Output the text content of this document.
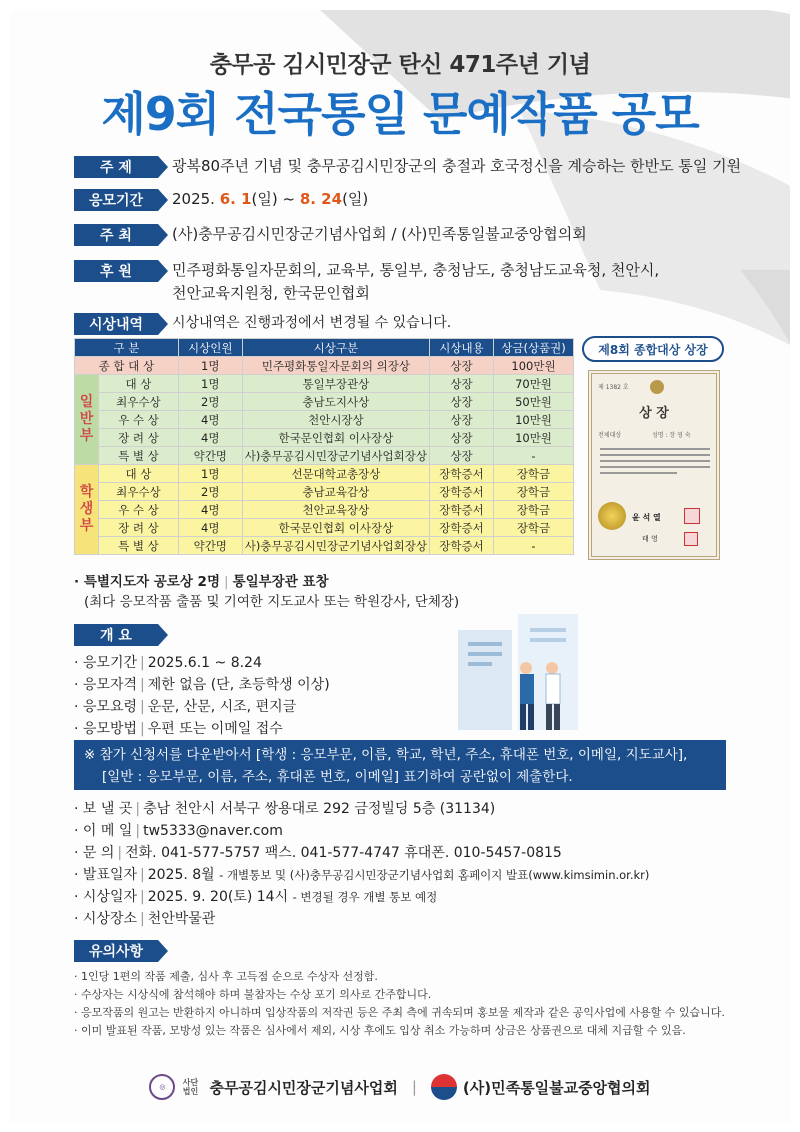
충무공 김시민장군 탄신 471주년 기념
제9회 전국통일 문예작품 공모
주 제	광복80주년 기념 및 충무공김시민장군의 충절과 호국정신을 계승하는 한반도 통일 기원
응모기간	2025. 6. 1(일) ~ 8. 24(일)
주 최	(사)충무공김시민장군기념사업회 / (사)민족통일불교중앙협의회
후 원	민주평화통일자문회의, 교육부, 통일부, 충청남도, 충청남도교육청, 천안시,
천안교육지원청, 한국문인협회
시상내역	시상내역은 진행과정에서 변경될 수 있습니다.
구 분		시상인원	시상구분	시상내용	상금(상품권)
종 합 대 상		1명	민주평화통일자문회의 의장상	상장	100만원
일반부	대 상	1명	통일부장관상	상장	70만원
	최우수상	2명	충남도지사상	상장	50만원
	우 수 상	4명	천안시장상	상장	10만원
	장 려 상	4명	한국문인협회 이사장상	상장	10만원
	특 별 상	약간명	사)충무공김시민장군기념사업회장상	상장	-
학생부	대 상	1명	선문대학교총장상	장학증서	장학금
	최우수상	2명	충남교육감상	장학증서	장학금
	우 수 상	4명	천안교육장상	장학증서	장학금
	장 려 상	4명	한국문인협회 이사장상	장학증서	장학금
	특 별 상	약간명	사)충무공김시민장군기념사업회장상	장학증서	-
제8회 종합대상 상장
제 1382 호
상 장
전체대상	성명 : 장 영 숙
윤 석 열
태 영
· 특별지도자 공로상 2명 | 통일부장관 표창
(최다 응모작품 출품 및 기여한 지도교사 또는 학원강사, 단체장)
개 요
· 응모기간 | 2025.6.1 ~ 8.24
· 응모자격 | 제한 없음 (단, 초등학생 이상)
· 응모요령 | 운문, 산문, 시조, 편지글
· 응모방법 | 우편 또는 이메일 접수
※ 참가 신청서를 다운받아서 [학생 : 응모부문, 이름, 학교, 학년, 주소, 휴대폰 번호, 이메일, 지도교사],
[일반 : 응모부문, 이름, 주소, 휴대폰 번호, 이메일] 표기하여 공란없이 제출한다.
· 보 낼 곳 | 충남 천안시 서북구 쌍용대로 292 금정빌딩 5층 (31134)
· 이 메 일 | tw5333@naver.com
· 문 의 | 전화. 041-577-5757 팩스. 041-577-4747 휴대폰. 010-5457-0815
· 발표일자 | 2025. 8월 - 개별통보 및 (사)충무공김시민장군기념사업회 홈페이지 발표(www.kimsimin.or.kr)
· 시상일자 | 2025. 9. 20(토) 14시 - 변경될 경우 개별 통보 예정
· 시상장소 | 천안박물관
유의사항
· 1인당 1편의 작품 제출, 심사 후 고득점 순으로 수상자 선정함.
· 수상자는 시상식에 참석해야 하며 불참자는 수상 포기 의사로 간주합니다.
· 응모작품의 원고는 반환하지 아니하며 입상작품의 저작권 등은 주최 측에 귀속되며 홍보물 제작과 같은 공익사업에 사용할 수 있습니다.
· 이미 발표된 작품, 모방성 있는 작품은 심사에서 제외, 시상 후에도 입상 취소 가능하며 상금은 상품권으로 대체 지급할 수 있음.
◎	사단법인 충무공김시민장군기념사업회 |	(사)민족통일불교중앙협의회
